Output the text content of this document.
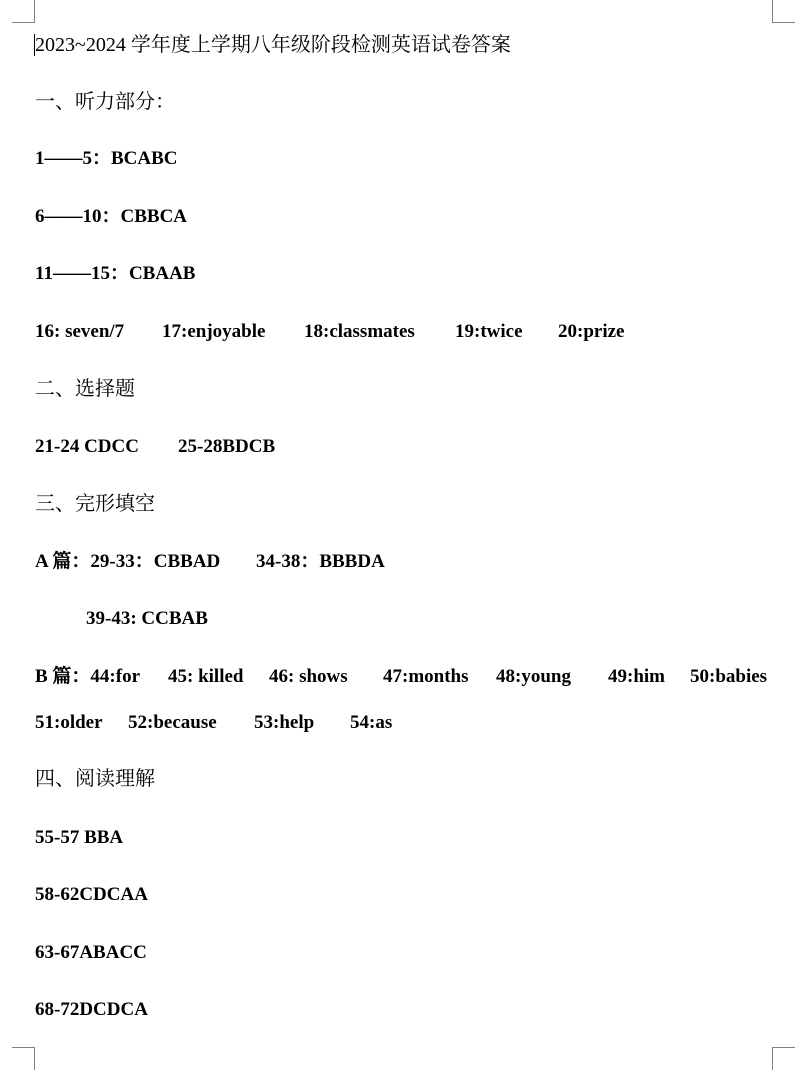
2023~2024 学年度上学期八年级阶段检测英语试卷答案
一、听力部分：
1——5：BCABC
6——10：CBBCA
11——15：CBAAB
16: seven/7 17:enjoyable 18:classmates 19:twice 20:prize
二、选择题
21-24 CDCC 25-28BDCB
三、完形填空
A 篇：29-33：CBBAD 34-38：BBBDA
39-43: CCBAB
B 篇：44:for 45: killed 46: shows 47:months 48:young 49:him 50:babies
51:older 52:because 53:help 54:as
四、阅读理解
55-57 BBA
58-62CDCAA
63-67ABACC
68-72DCDCA
